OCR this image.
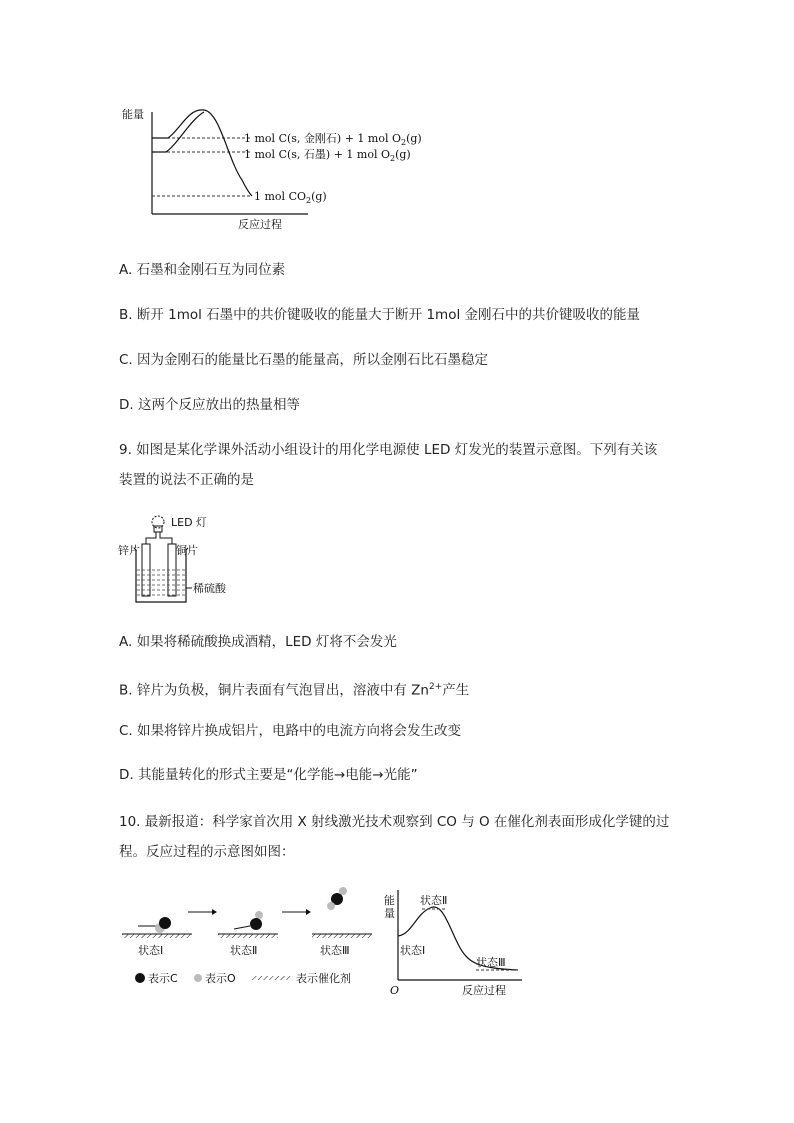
能量
反应过程
1 mol C(s, 金刚石) + 1 mol $O_2(g)$
1 mol C(s, 石墨) + 1 mol $O_2(g)$
1 mol $CO_2(g)$
A. 石墨和金刚石互为同位素
B. 断开 1mol 石墨中的共价键吸收的能量大于断开 1mol 金刚石中的共价键吸收的能量
C. 因为金刚石的能量比石墨的能量高，所以金刚石比石墨稳定
D. 这两个反应放出的热量相等
9. 如图是某化学课外活动小组设计的用化学电源使 LED 灯发光的装置示意图。下列有关该
装置的说法不正确的是
LED 灯
锌片	铜片
稀硫酸
A. 如果将稀硫酸换成酒精，LED 灯将不会发光
B. 锌片为负极，铜片表面有气泡冒出，溶液中有 $Zn^{2+}$产生
C. 如果将锌片换成铝片，电路中的电流方向将会发生改变
D. 其能量转化的形式主要是“化学能→电能→光能”
10. 最新报道：科学家首次用 X 射线激光技术观察到 CO 与 O 在催化剂表面形成化学键的过
程。反应过程的示意图如图：
状态Ⅰ	状态Ⅱ	状态Ⅲ
表示C 表示O	表示催化剂
能
量
O	反应过程
状态Ⅱ
状态Ⅰ
状态Ⅲ
